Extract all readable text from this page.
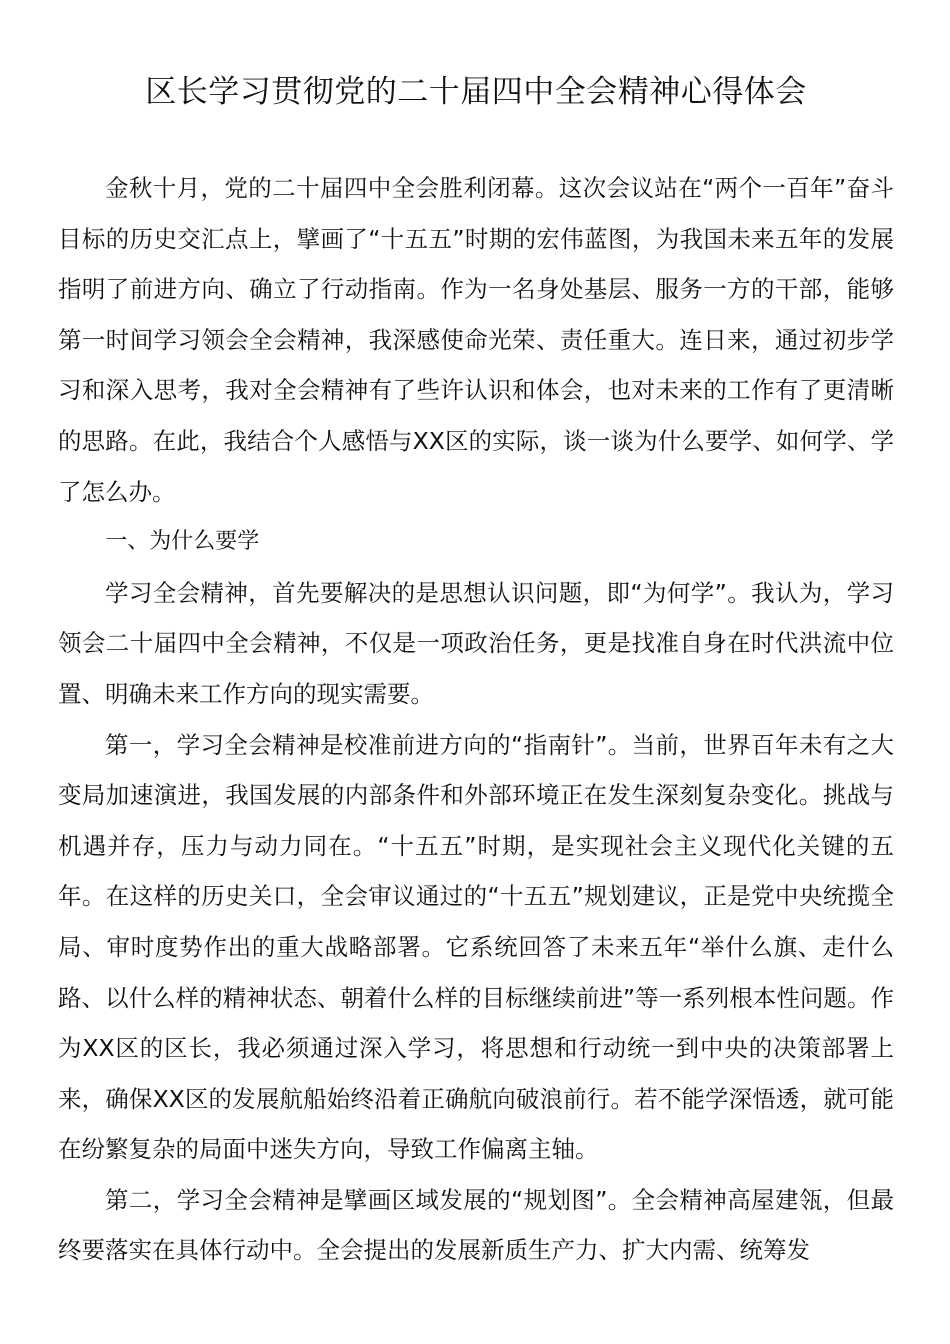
区长学习贯彻党的二十届四中全会精神心得体会

金秋十月，党的二十届四中全会胜利闭幕。这次会议站在“两个一百年”奋斗目标的历史交汇点上，擘画了“十五五”时期的宏伟蓝图，为我国未来五年的发展指明了前进方向、确立了行动指南。作为一名身处基层、服务一方的干部，能够第一时间学习领会全会精神，我深感使命光荣、责任重大。连日来，通过初步学习和深入思考，我对全会精神有了些许认识和体会，也对未来的工作有了更清晰的思路。在此，我结合个人感悟与XX区的实际，谈一谈为什么要学、如何学、学了怎么办。

一、为什么要学

学习全会精神，首先要解决的是思想认识问题，即“为何学”。我认为，学习领会二十届四中全会精神，不仅是一项政治任务，更是找准自身在时代洪流中位置、明确未来工作方向的现实需要。

第一，学习全会精神是校准前进方向的“指南针”。当前，世界百年未有之大变局加速演进，我国发展的内部条件和外部环境正在发生深刻复杂变化。挑战与机遇并存，压力与动力同在。“十五五”时期，是实现社会主义现代化关键的五年。在这样的历史关口，全会审议通过的“十五五”规划建议，正是党中央统揽全局、审时度势作出的重大战略部署。它系统回答了未来五年“举什么旗、走什么路、以什么样的精神状态、朝着什么样的目标继续前进”等一系列根本性问题。作为XX区的区长，我必须通过深入学习，将思想和行动统一到中央的决策部署上来，确保XX区的发展航船始终沿着正确航向破浪前行。若不能学深悟透，就可能在纷繁复杂的局面中迷失方向，导致工作偏离主轴。

第二，学习全会精神是擘画区域发展的“规划图”。全会精神高屋建瓴，但最终要落实在具体行动中。全会提出的发展新质生产力、扩大内需、统筹发
